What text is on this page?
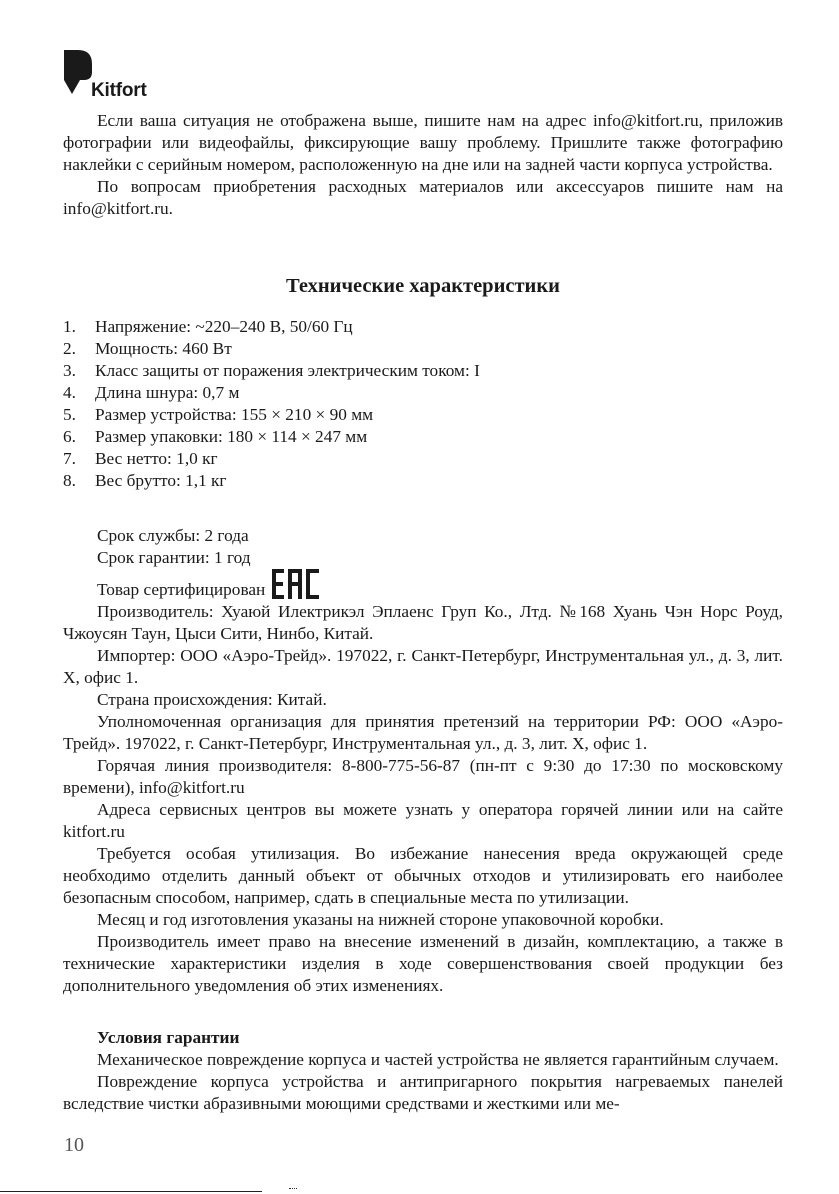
Kitfort

Если ваша ситуация не отображена выше, пишите нам на адрес info@kitfort.ru, приложив фотографии или видеофайлы, фиксирующие вашу проблему. Пришлите также фотографию наклейки с серийным номером, расположенную на дне или на задней части корпуса устройства.

По вопросам приобретения расходных материалов или аксессуаров пишите нам на info@kitfort.ru.

Технические характеристики
1.	Напряжение: ~220–240 В, 50/60 Гц
2.	Мощность: 460 Вт
3.	Класс защиты от поражения электрическим током: I
4.	Длина шнура: 0,7 м
5.	Размер устройства: 155 × 210 × 90 мм
6.	Размер упаковки: 180 × 114 × 247 мм
7.	Вес нетто: 1,0 кг
8.	Вес брутто: 1,1 кг

Срок службы: 2 года

Срок гарантии: 1 год

Товар сертифицирован

Производитель: Хуаюй Илектрикэл Эплаенс Груп Ко., Лтд. №168 Хуань Чэн Норс Роуд, Чжоусян Таун, Цыси Сити, Нинбо, Китай.

Импортер: ООО «Аэро-Трейд». 197022, г. Санкт-Петербург, Инструментальная ул., д. 3, лит. Х, офис 1.

Страна происхождения: Китай.

Уполномоченная организация для принятия претензий на территории РФ: ООО «Аэро-Трейд». 197022, г. Санкт-Петербург, Инструментальная ул., д. 3, лит. Х, офис 1.

Горячая линия производителя: 8-800-775-56-87 (пн-пт с 9:30 до 17:30 по московскому времени), info@kitfort.ru

Адреса сервисных центров вы можете узнать у оператора горячей линии или на сайте kitfort.ru

Требуется особая утилизация. Во избежание нанесения вреда окружающей среде необходимо отделить данный объект от обычных отходов и утилизировать его наиболее безопасным способом, например, сдать в специальные места по утилизации.

Месяц и год изготовления указаны на нижней стороне упаковочной коробки.

Производитель имеет право на внесение изменений в дизайн, комплектацию, а также в технические характеристики изделия в ходе совершенствования своей продукции без дополнительного уведомления об этих изменениях.

Условия гарантии

Механическое повреждение корпуса и частей устройства не является гарантийным случаем.

Повреждение корпуса устройства и антипригарного покрытия нагреваемых панелей вследствие чистки абразивными моющими средствами и жесткими или ме-

10
